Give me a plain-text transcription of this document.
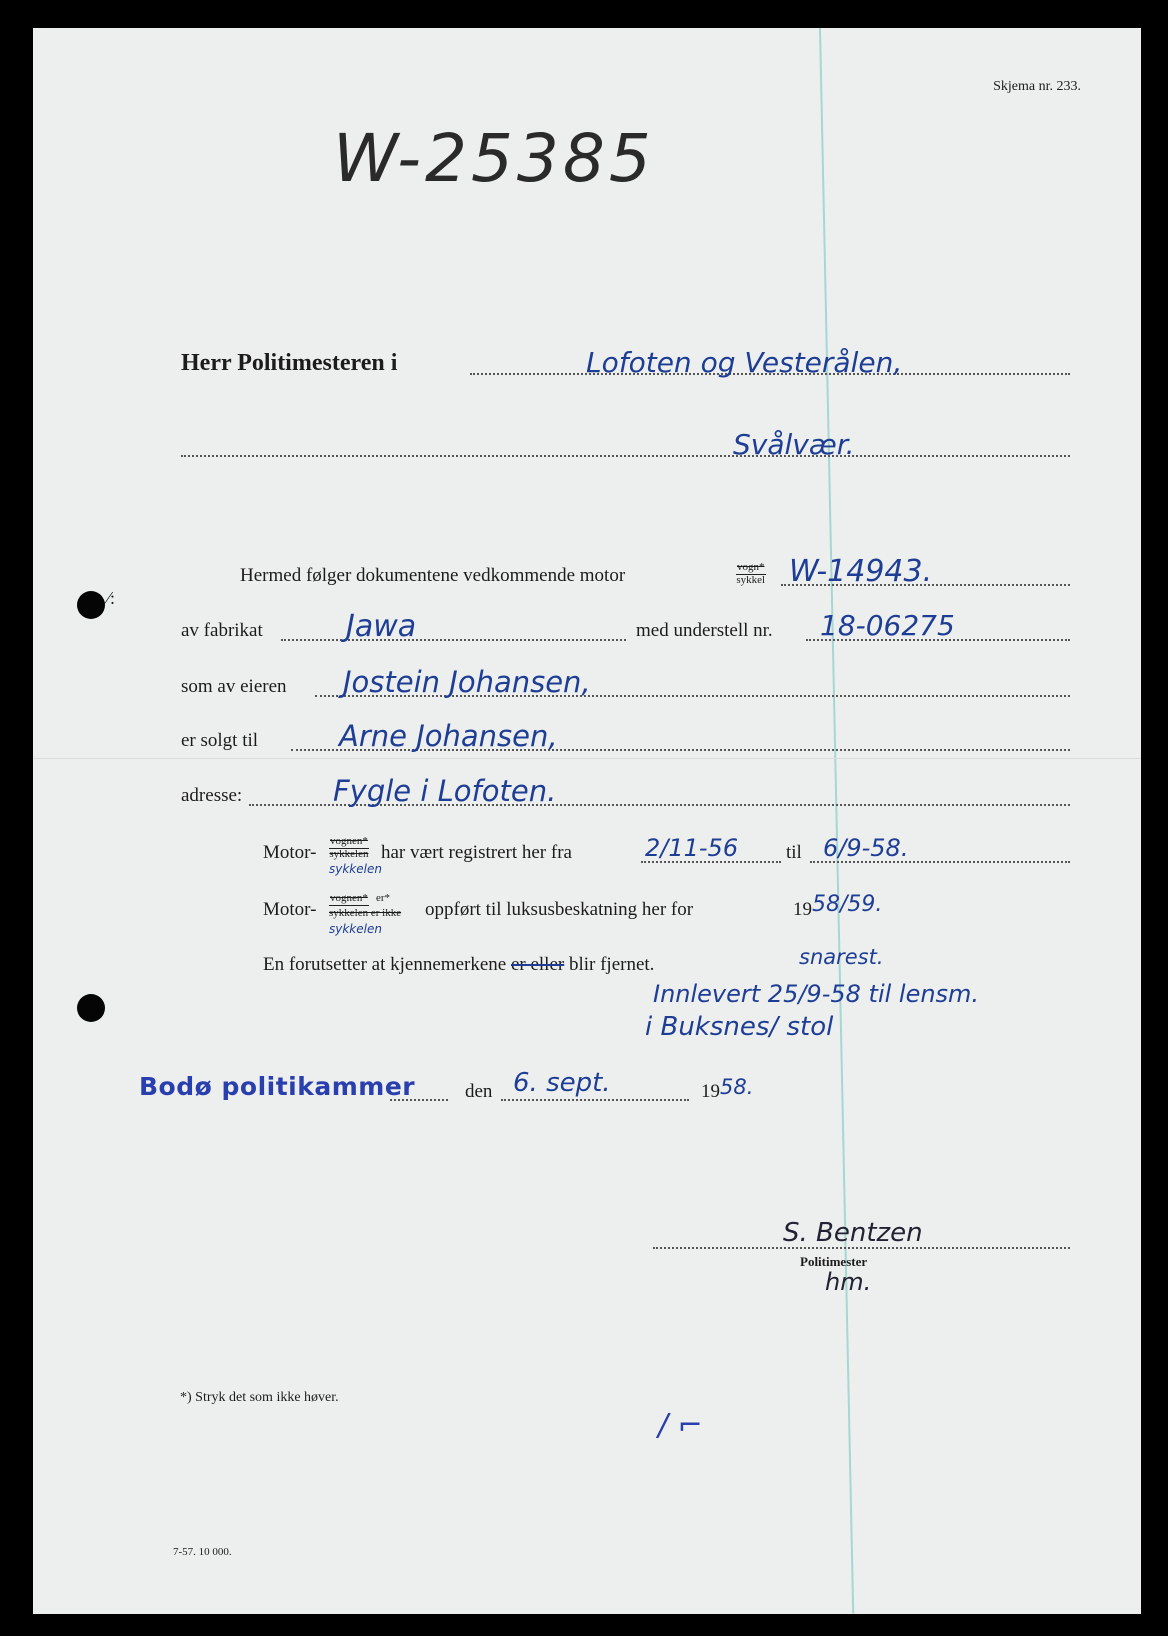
Skjema nr. 233.
W-25385
Herr Politimesteren i	Lofoten og Vesterålen,
Svålvær.
⁄:
Hermed følger dokumentene vedkommende motor	vogn*
sykkel W-14943.
av fabrikat	Jawa	med understell nr. 18-06275
som av eieren Jostein Johansen,
er solgt til	Arne Johansen,
adresse:	Fygle i Lofoten.
Motor-
vognen*
sykkelen
sykkelen
har vært registrert her fra	2/11-56	til 6/9-58.
Motor-
vognen* er*
sykkelen er ikke
sykkelen
oppført til luksusbeskatning her for	19 58/59.
En forutsetter at kjennemerkene er eller blir fjernet.	snarest.
Innlevert 25/9-58 til lensm.
i Buksnes/ stol
Bodø politikammer	den 6. sept.	19 58.
S. Bentzen
Politimester
hm.
*) Stryk det som ikke høver.
/ ⌐
7-57. 10 000.
